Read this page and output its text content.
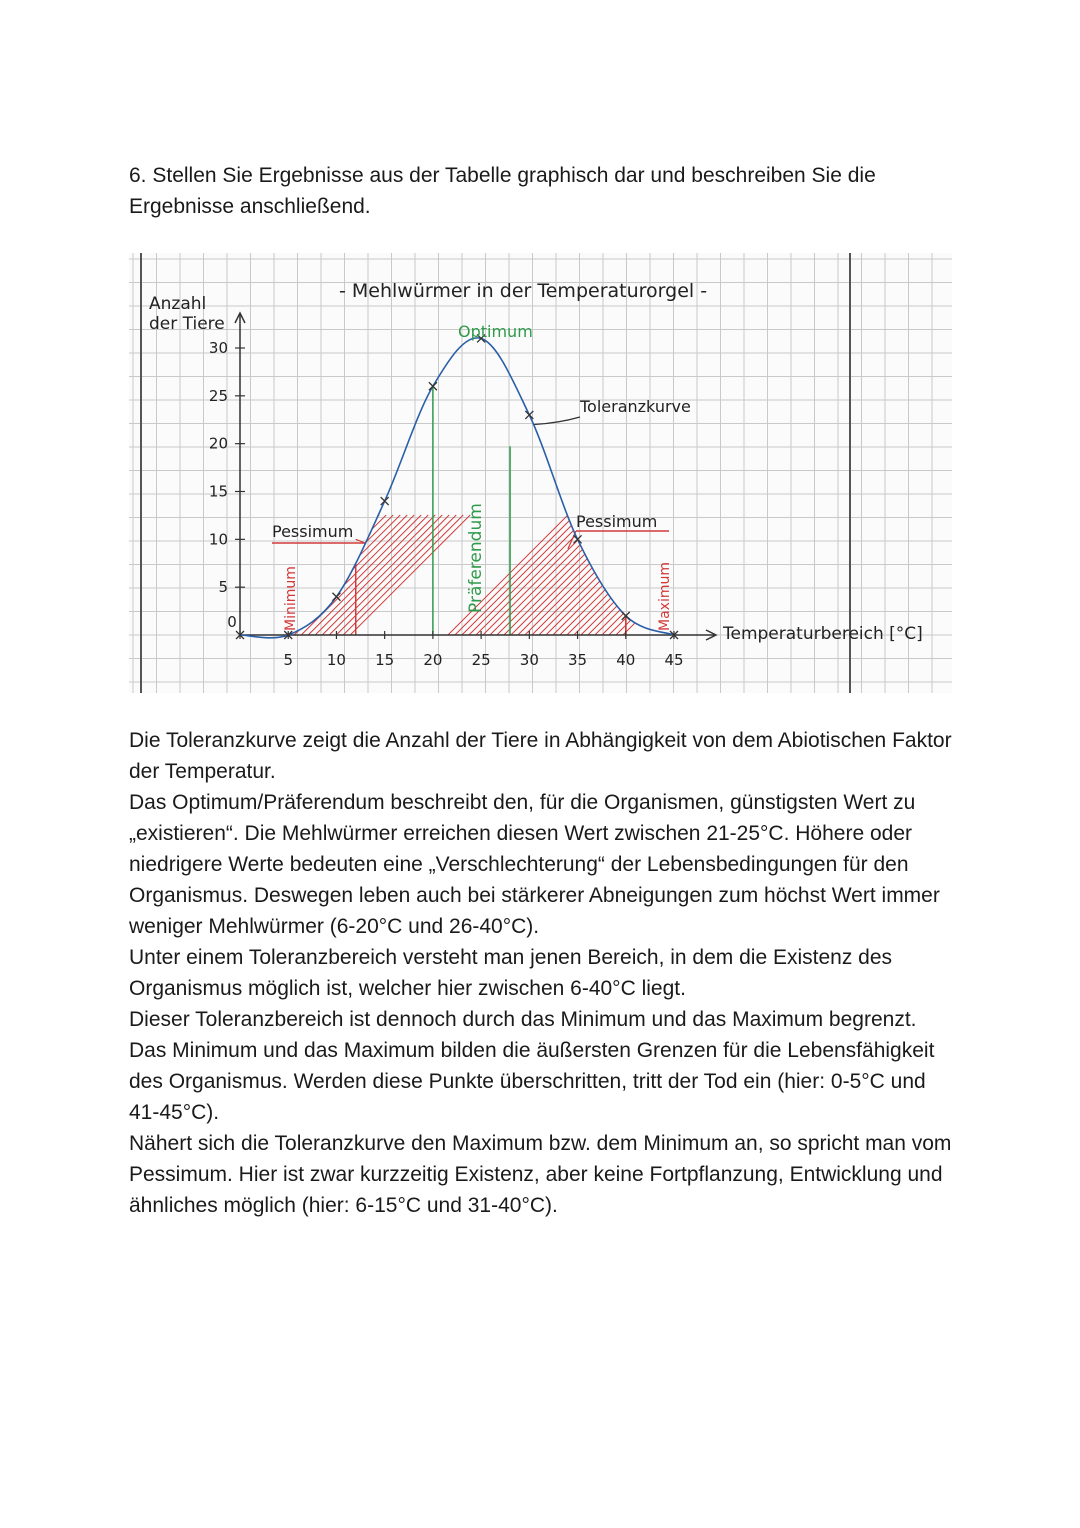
6. Stellen Sie Ergebnisse aus der Tabelle graphisch dar und beschreiben Sie die
Ergebnisse anschließend.
0
5 10 15 20 25 30 35 40 45
5
10
15
20
25
30
- Mehlwürmer in der Temperaturorgel -
Anzahl
der Tiere
Temperaturbereich [°C]
Optimum
Toleranzkurve
Pessimum
Pessimum
Minimum	Maximum
Präferendum

Die Toleranzkurve zeigt die Anzahl der Tiere in Abhängigkeit von dem Abiotischen Faktor der Temperatur.

Das Optimum/Präferendum beschreibt den, für die Organismen, günstigsten Wert zu „existieren“. Die Mehlwürmer erreichen diesen Wert zwischen 21-25°C. Höhere oder niedrigere Werte bedeuten eine „Verschlechterung“ der Lebensbedingungen für den Organismus. Deswegen leben auch bei stärkerer Abneigungen zum höchst Wert immer weniger Mehlwürmer (6-20°C und 26-40°C).

Unter einem Toleranzbereich versteht man jenen Bereich, in dem die Existenz des Organismus möglich ist, welcher hier zwischen 6-40°C liegt.

Dieser Toleranzbereich ist dennoch durch das Minimum und das Maximum begrenzt. Das Minimum und das Maximum bilden die äußersten Grenzen für die Lebensfähigkeit des Organismus. Werden diese Punkte überschritten, tritt der Tod ein (hier: 0-5°C und 41-45°C).

Nähert sich die Toleranzkurve den Maximum bzw. dem Minimum an, so spricht man vom Pessimum. Hier ist zwar kurzzeitig Existenz, aber keine Fortpflanzung, Entwicklung und ähnliches möglich (hier: 6-15°C und 31-40°C).
